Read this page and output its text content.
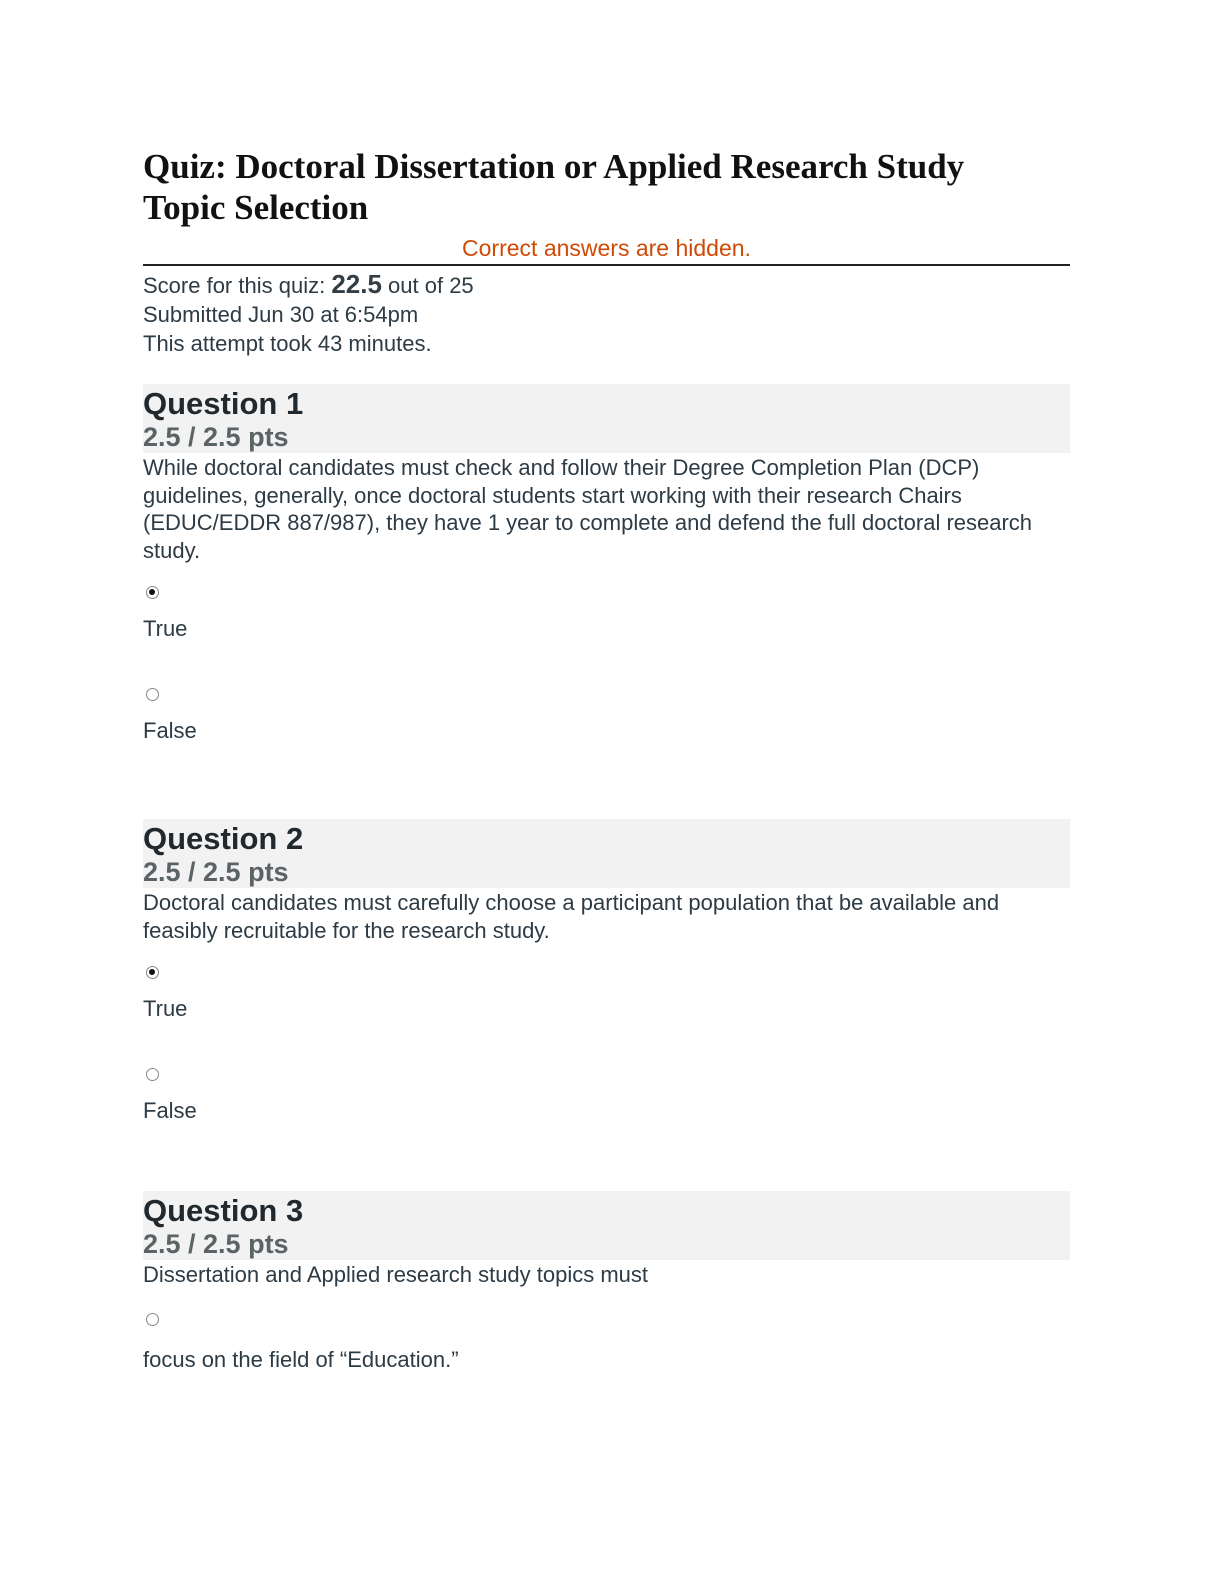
Quiz: Doctoral Dissertation or Applied Research Study
Topic Selection
Correct answers are hidden.
Score for this quiz: 22.5 out of 25
Submitted Jun 30 at 6:54pm
This attempt took 43 minutes.
Question 1
2.5 / 2.5 pts
While doctoral candidates must check and follow their Degree Completion Plan (DCP) guidelines, generally, once doctoral students start working with their research Chairs (EDUC/EDDR 887/987), they have 1 year to complete and defend the full doctoral research study.
True
False
Question 2
2.5 / 2.5 pts
Doctoral candidates must carefully choose a participant population that be available and feasibly recruitable for the research study.
True
False
Question 3
2.5 / 2.5 pts
Dissertation and Applied research study topics must
focus on the field of “Education.”
